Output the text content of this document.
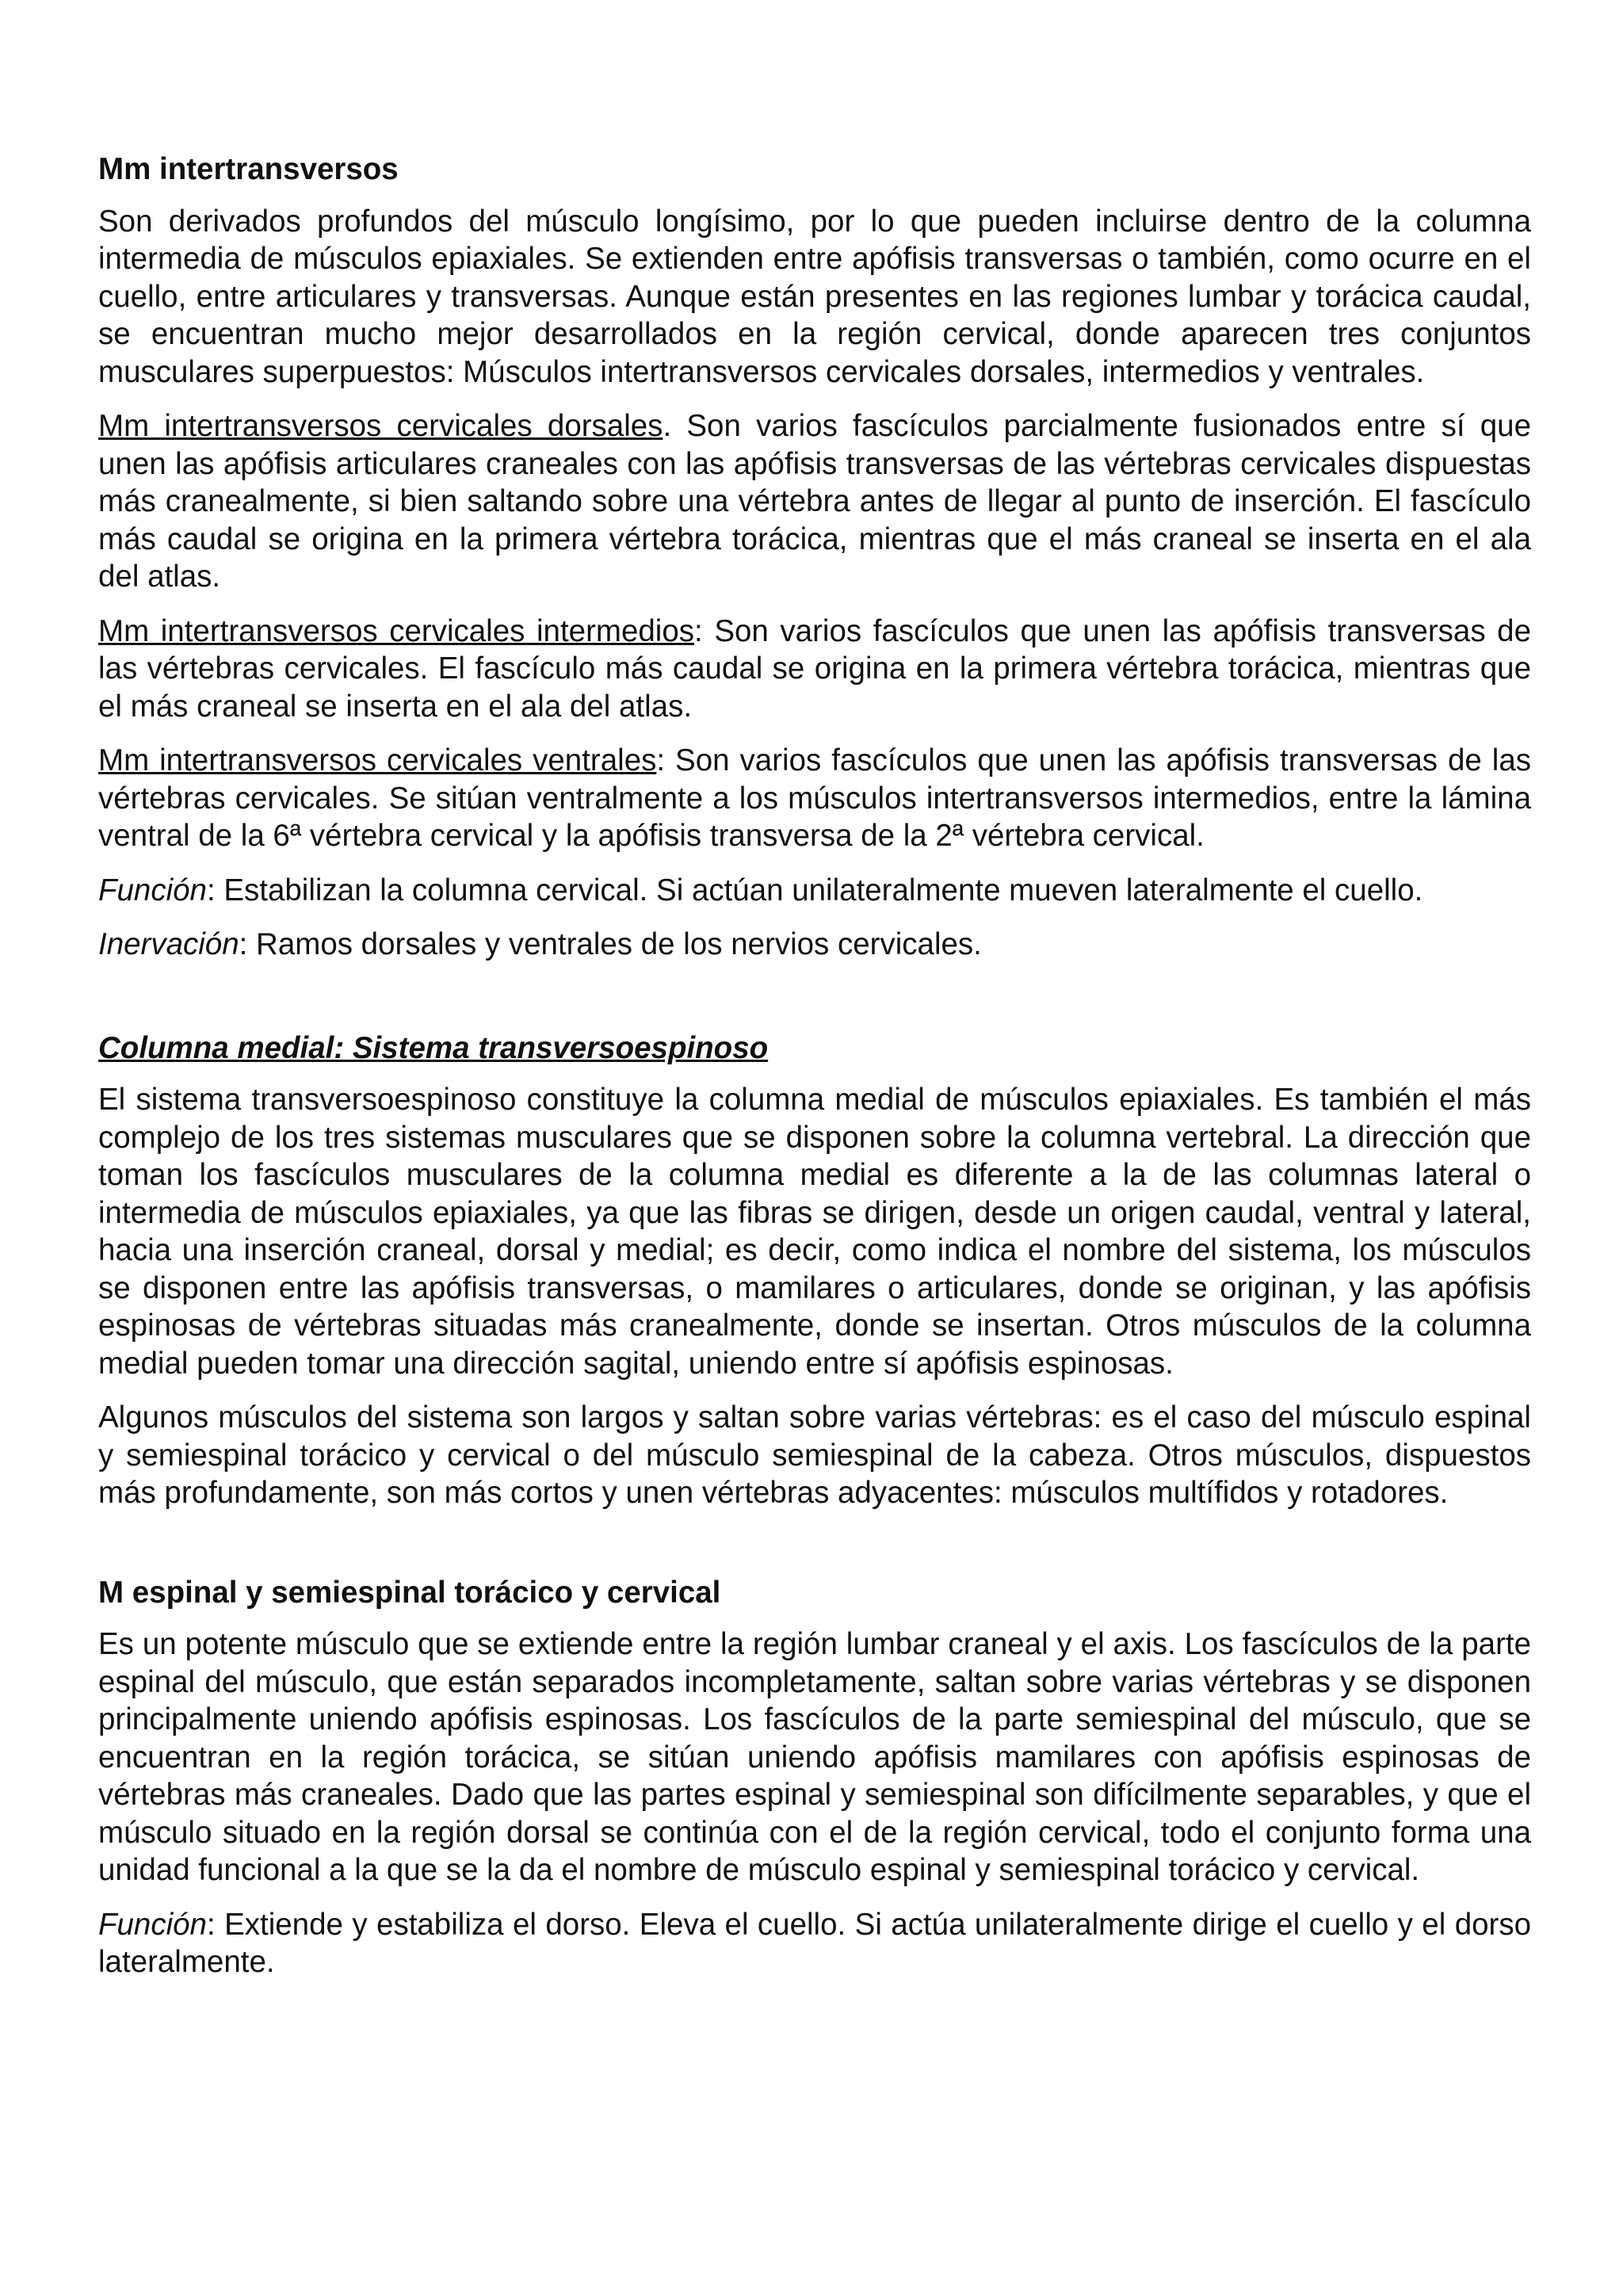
Mm intertransversos

Son derivados profundos del músculo longísimo, por lo que pueden incluirse dentro de la columna intermedia de músculos epiaxiales. Se extienden entre apófisis transversas o también, como ocurre en el cuello, entre articulares y transversas. Aunque están presentes en las regiones lumbar y torácica caudal, se encuentran mucho mejor desarrollados en la región cervical, donde aparecen tres conjuntos musculares superpuestos: Músculos intertransversos cervicales dorsales, intermedios y ventrales.

Mm intertransversos cervicales dorsales. Son varios fascículos parcialmente fusionados entre sí que unen las apófisis articulares craneales con las apófisis transversas de las vértebras cervicales dispuestas más cranealmente, si bien saltando sobre una vértebra antes de llegar al punto de inserción. El fascículo más caudal se origina en la primera vértebra torácica, mientras que el más craneal se inserta en el ala del atlas.

Mm intertransversos cervicales intermedios: Son varios fascículos que unen las apófisis transversas de las vértebras cervicales. El fascículo más caudal se origina en la primera vértebra torácica, mientras que el más craneal se inserta en el ala del atlas.

Mm intertransversos cervicales ventrales: Son varios fascículos que unen las apófisis transversas de las vértebras cervicales. Se sitúan ventralmente a los músculos intertransversos intermedios, entre la lámina ventral de la 6ª vértebra cervical y la apófisis transversa de la 2ª vértebra cervical.

Función: Estabilizan la columna cervical. Si actúan unilateralmente mueven lateralmente el cuello.

Inervación: Ramos dorsales y ventrales de los nervios cervicales.

Columna medial: Sistema transversoespinoso

El sistema transversoespinoso constituye la columna medial de músculos epiaxiales. Es también el más complejo de los tres sistemas musculares que se disponen sobre la columna vertebral. La dirección que toman los fascículos musculares de la columna medial es diferente a la de las columnas lateral o intermedia de músculos epiaxiales, ya que las fibras se dirigen, desde un origen caudal, ventral y lateral, hacia una inserción craneal, dorsal y medial; es decir, como indica el nombre del sistema, los músculos se disponen entre las apófisis transversas, o mamilares o articulares, donde se originan, y las apófisis espinosas de vértebras situadas más cranealmente, donde se insertan. Otros músculos de la columna medial pueden tomar una dirección sagital, uniendo entre sí apófisis espinosas.

Algunos músculos del sistema son largos y saltan sobre varias vértebras: es el caso del músculo espinal y semiespinal torácico y cervical o del músculo semiespinal de la cabeza. Otros músculos, dispuestos más profundamente, son más cortos y unen vértebras adyacentes: músculos multífidos y rotadores.

M espinal y semiespinal torácico y cervical

Es un potente músculo que se extiende entre la región lumbar craneal y el axis. Los fascículos de la parte espinal del músculo, que están separados incompletamente, saltan sobre varias vértebras y se disponen principalmente uniendo apófisis espinosas. Los fascículos de la parte semiespinal del músculo, que se encuentran en la región torácica, se sitúan uniendo apófisis mamilares con apófisis espinosas de vértebras más craneales. Dado que las partes espinal y semiespinal son difícilmente separables, y que el músculo situado en la región dorsal se continúa con el de la región cervical, todo el conjunto forma una unidad funcional a la que se la da el nombre de músculo espinal y semiespinal torácico y cervical.

Función: Extiende y estabiliza el dorso. Eleva el cuello. Si actúa unilateralmente dirige el cuello y el dorso lateralmente.
